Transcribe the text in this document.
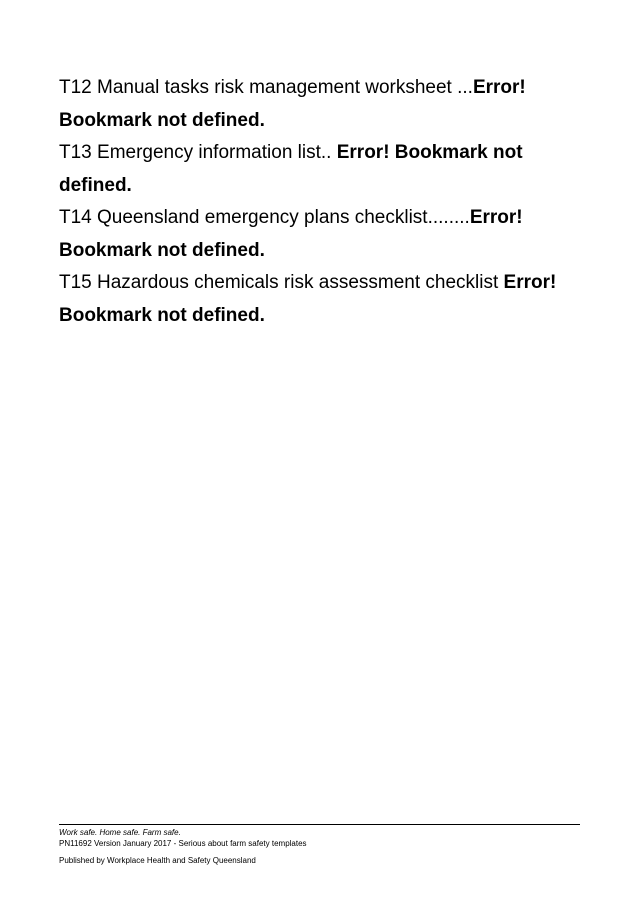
T12 Manual tasks risk management worksheet ...Error! Bookmark not defined.

T13 Emergency information list.. Error! Bookmark not defined.

T14 Queensland emergency plans checklist........Error! Bookmark not defined.

T15 Hazardous chemicals risk assessment checklist Error! Bookmark not defined.

Work safe. Home safe. Farm safe.
PN11692 Version January 2017 - Serious about farm safety templates
Published by Workplace Health and Safety Queensland
